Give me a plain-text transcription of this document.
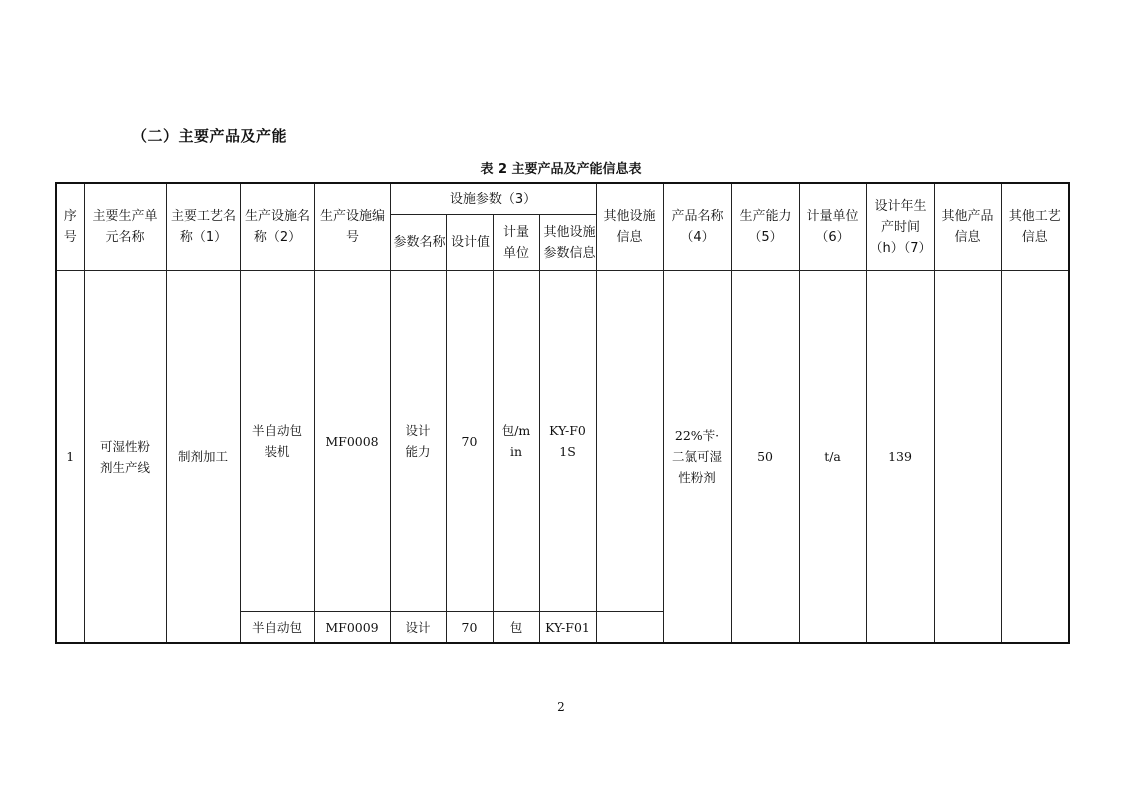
（二）主要产品及产能
表 2 主要产品及产能信息表
序号	主要生产单元名称	主要工艺名称（1）	生产设施名称（2）	生产设施编号	设施参数（3）				其他设施信息	产品名称（4）	生产能力（5）	计量单位（6）	设计年生产时间（h）（7）	其他产品信息	其他工艺信息
					参数名称	设计值	计量单位	其他设施参数信息							
1	可湿性粉剂生产线	制剂加工	半自动包装机	MF0008	设计能力	70	包/min	KY-F01S		22%苄·二氯可湿性粉剂	50	t/a	139		
			半自动包	MF0009	设计	70	包	KY-F01							
2
